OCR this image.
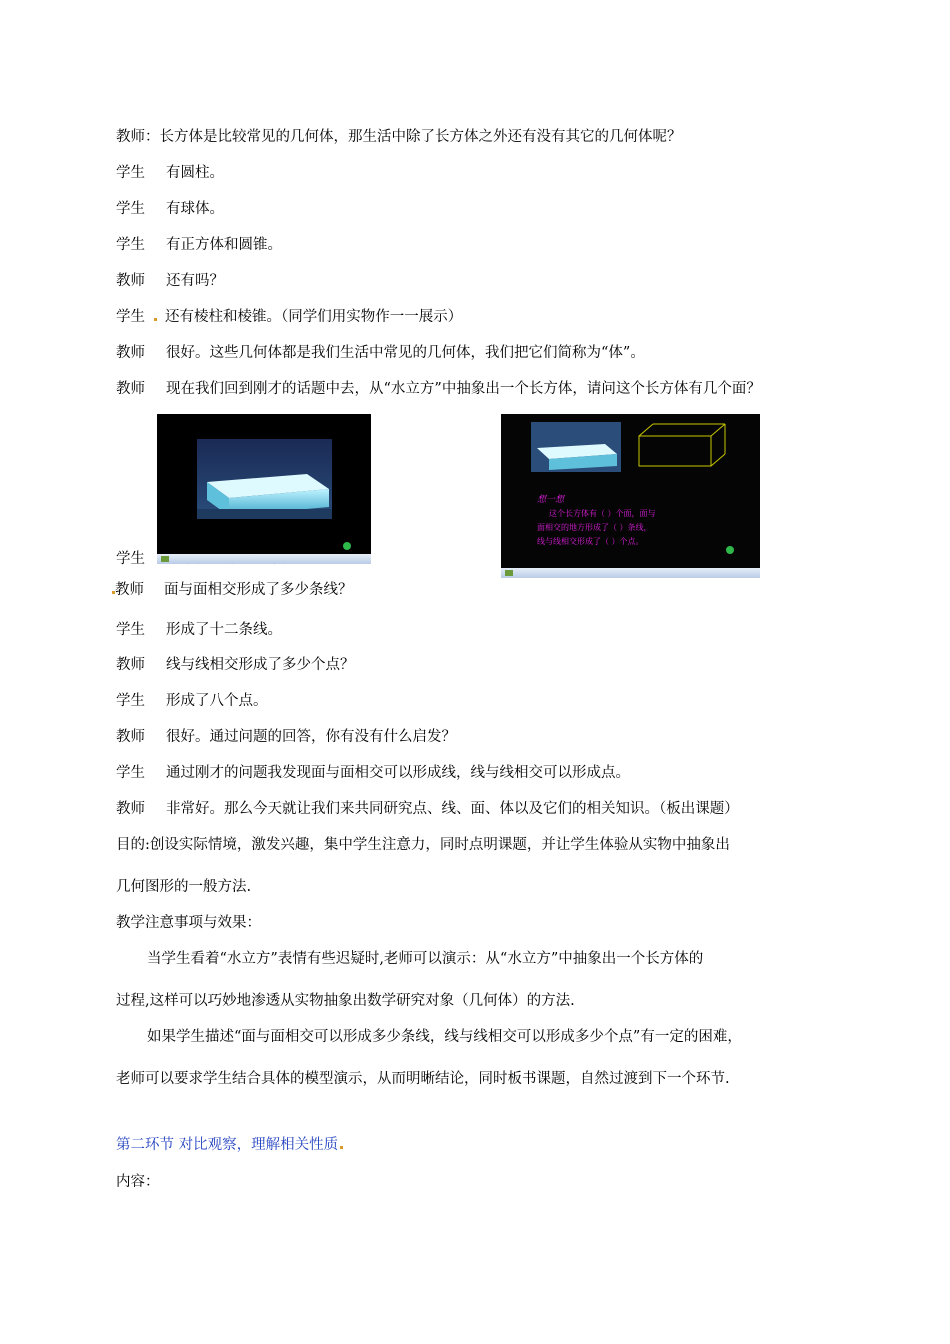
教师：长方体是比较常见的几何体，那生活中除了长方体之外还有没有其它的几何体呢？
学生 有圆柱。
学生 有球体。
学生 有正方体和圆锥。
教师 还有吗？
学生 还有棱柱和棱锥。（同学们用实物作一一展示）
教师 很好。这些几何体都是我们生活中常见的几何体，我们把它们简称为“体”。
教师 现在我们回到刚才的话题中去，从“水立方”中抽象出一个长方体，请问这个长方体有几个面？
学生
教师 面与面相交形成了多少条线？
学生 形成了十二条线。
教师 线与线相交形成了多少个点？
学生 形成了八个点。
教师 很好。通过问题的回答，你有没有什么启发？
学生 通过刚才的问题我发现面与面相交可以形成线，线与线相交可以形成点。
教师 非常好。那么今天就让我们来共同研究点、线、面、体以及它们的相关知识。（板出课题）
想一想
这个长方体有（ ）个面，面与
面相交的地方形成了（ ）条线，
线与线相交形成了（ ）个点。
目的:创设实际情境，激发兴趣，集中学生注意力，同时点明课题，并让学生体验从实物中抽象出
几何图形的一般方法.
教学注意事项与效果：
当学生看着“水立方”表情有些迟疑时,老师可以演示：从“水立方”中抽象出一个长方体的
过程,这样可以巧妙地渗透从实物抽象出数学研究对象（几何体）的方法.
如果学生描述“面与面相交可以形成多少条线，线与线相交可以形成多少个点”有一定的困难，
老师可以要求学生结合具体的模型演示，从而明晰结论，同时板书课题，自然过渡到下一个环节.
第二环节 对比观察，理解相关性质
内容：
